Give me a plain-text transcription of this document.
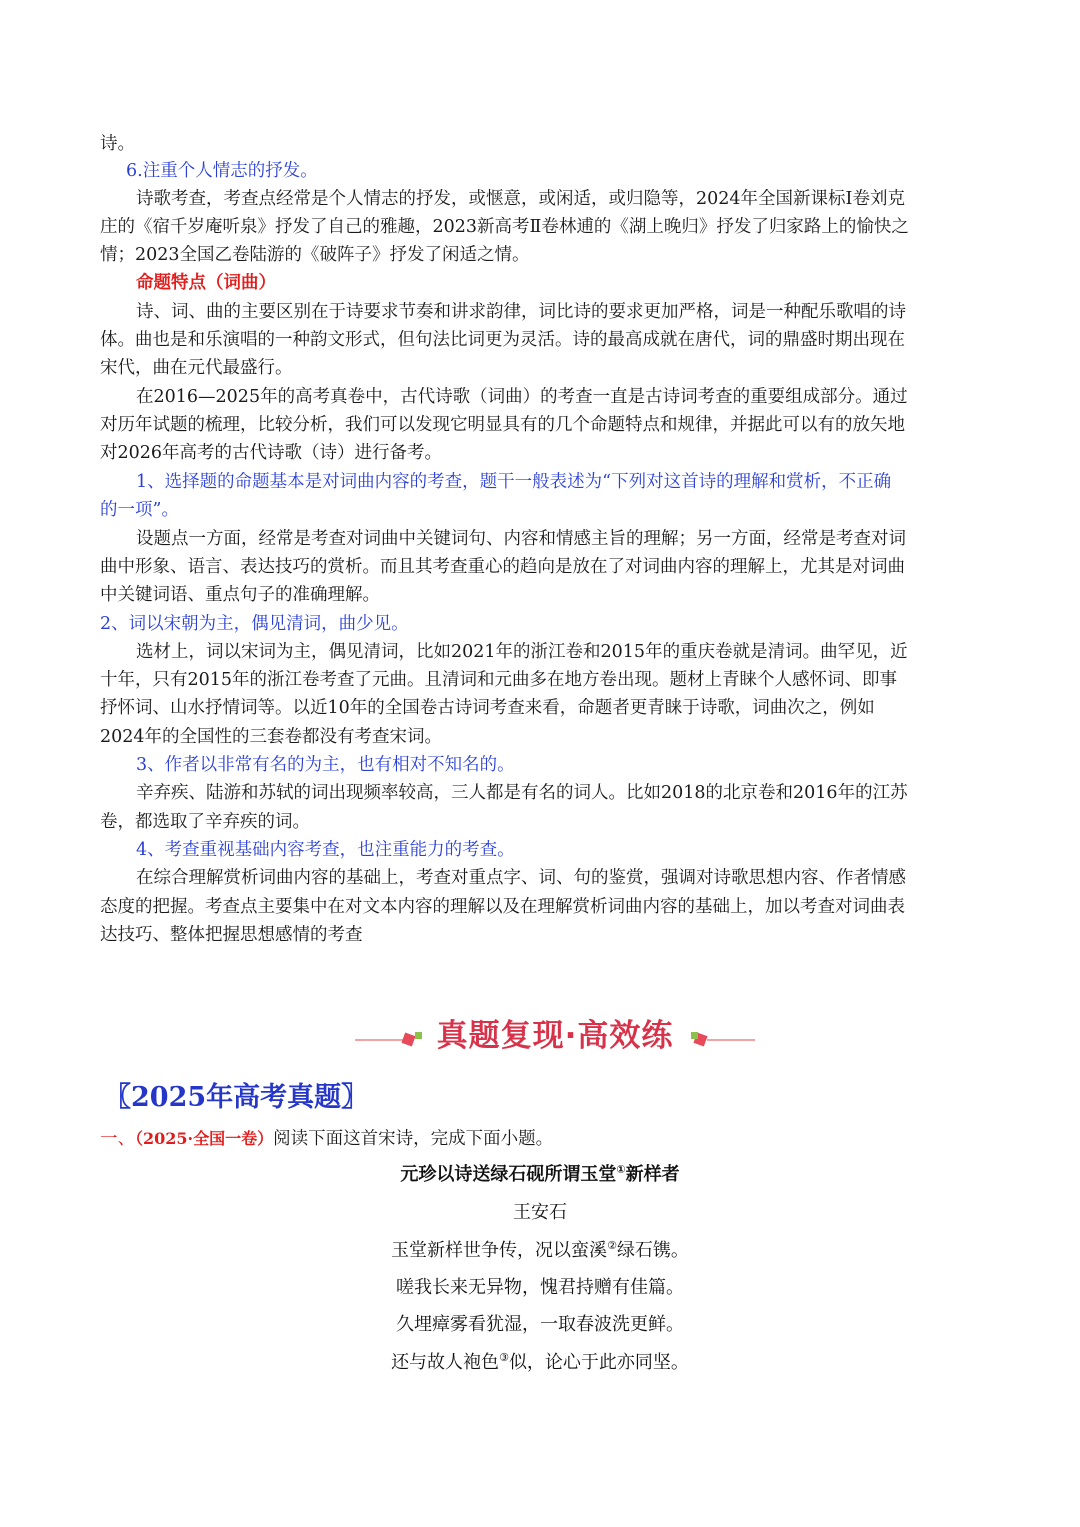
诗。
6.注重个人情志的抒发。
诗歌考查，考查点经常是个人情志的抒发，或惬意，或闲适，或归隐等，2024年全国新课标Ⅰ卷刘克
庄的《宿千岁庵听泉》抒发了自己的雅趣，2023新高考Ⅱ卷林逋的《湖上晚归》抒发了归家路上的愉快之
情；2023全国乙卷陆游的《破阵子》抒发了闲适之情。
命题特点（词曲）
诗、词、曲的主要区别在于诗要求节奏和讲求韵律，词比诗的要求更加严格，词是一种配乐歌唱的诗
体。曲也是和乐演唱的一种韵文形式，但句法比词更为灵活。诗的最高成就在唐代，词的鼎盛时期出现在
宋代，曲在元代最盛行。
在2016—2025年的高考真卷中，古代诗歌（词曲）的考查一直是古诗词考查的重要组成部分。通过
对历年试题的梳理，比较分析，我们可以发现它明显具有的几个命题特点和规律，并据此可以有的放矢地
对2026年高考的古代诗歌（诗）进行备考。
1、选择题的命题基本是对词曲内容的考查，题干一般表述为“下列对这首诗的理解和赏析，不正确
的一项”。
设题点一方面，经常是考查对词曲中关键词句、内容和情感主旨的理解；另一方面，经常是考查对词
曲中形象、语言、表达技巧的赏析。而且其考查重心的趋向是放在了对词曲内容的理解上，尤其是对词曲
中关键词语、重点句子的准确理解。
2、词以宋朝为主，偶见清词，曲少见。
选材上，词以宋词为主，偶见清词，比如2021年的浙江卷和2015年的重庆卷就是清词。曲罕见，近
十年，只有2015年的浙江卷考查了元曲。且清词和元曲多在地方卷出现。题材上青睐个人感怀词、即事
抒怀词、山水抒情词等。以近10年的全国卷古诗词考查来看，命题者更青睐于诗歌，词曲次之，例如
2024年的全国性的三套卷都没有考查宋词。
3、作者以非常有名的为主，也有相对不知名的。
辛弃疾、陆游和苏轼的词出现频率较高，三人都是有名的词人。比如2018的北京卷和2016年的江苏
卷，都选取了辛弃疾的词。
4、考查重视基础内容考查，也注重能力的考查。
在综合理解赏析词曲内容的基础上，考查对重点字、词、句的鉴赏，强调对诗歌思想内容、作者情感
态度的把握。考查点主要集中在对文本内容的理解以及在理解赏析词曲内容的基础上，加以考查对词曲表
达技巧、整体把握思想感情的考查
真题复现·高效练
〖2025年高考真题〗
一、（2025·全国一卷）阅读下面这首宋诗，完成下面小题。
元珍以诗送绿石砚所谓玉堂①新样者
王安石
玉堂新样世争传，况以蛮溪②绿石镌。
嗟我长来无异物，愧君持赠有佳篇。
久埋瘴雾看犹湿，一取春波洗更鲜。
还与故人袍色③似，论心于此亦同坚。
